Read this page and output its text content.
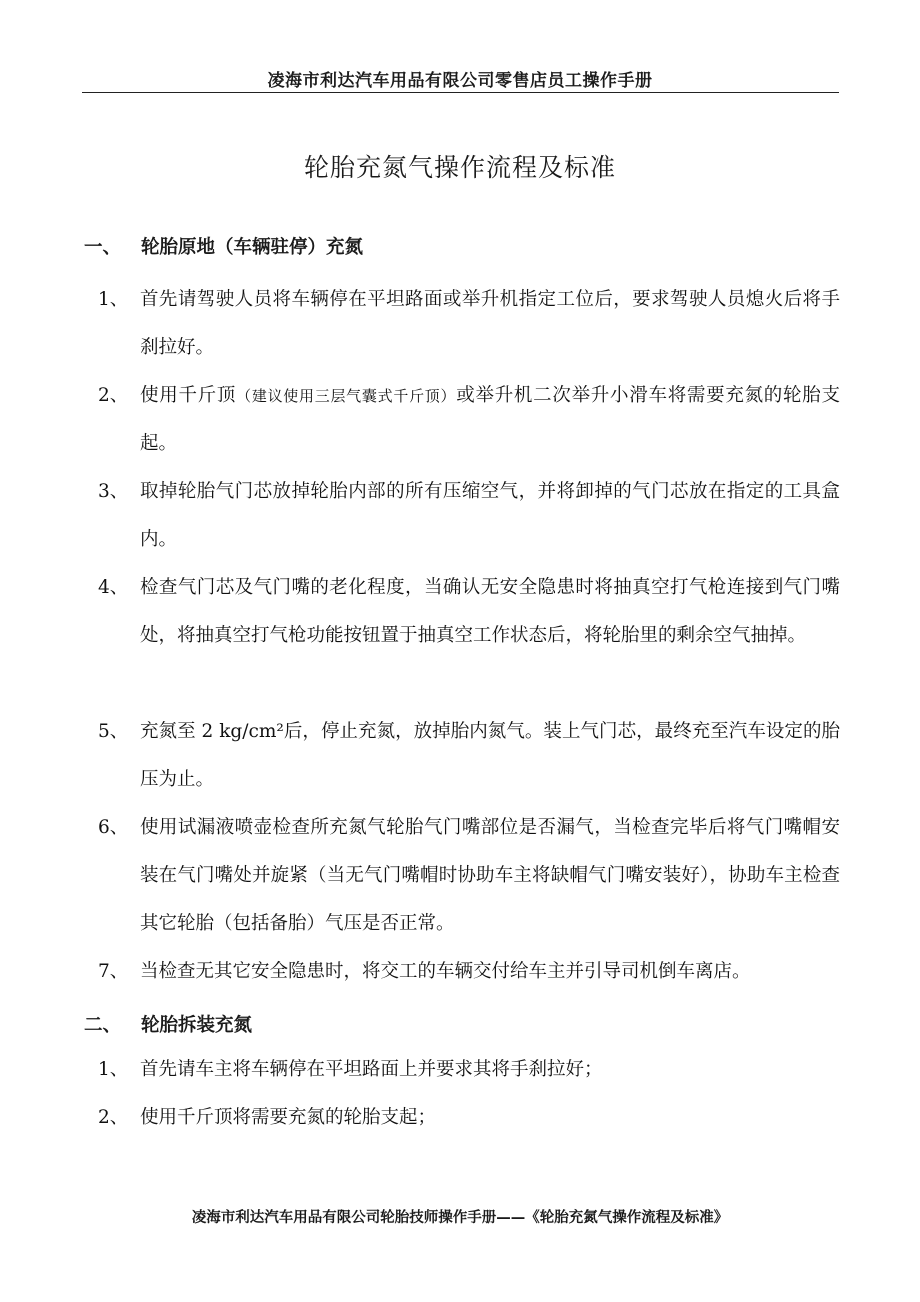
凌海市利达汽车用品有限公司零售店员工操作手册
轮胎充氮气操作流程及标准
一、 轮胎原地（车辆驻停）充氮
1、 首先请驾驶人员将车辆停在平坦路面或举升机指定工位后，要求驾驶人员熄火后将手刹拉好。
2、 使用千斤顶（建议使用三层气囊式千斤顶）或举升机二次举升小滑车将需要充氮的轮胎支起。
3、 取掉轮胎气门芯放掉轮胎内部的所有压缩空气，并将卸掉的气门芯放在指定的工具盒内。
4、 检查气门芯及气门嘴的老化程度，当确认无安全隐患时将抽真空打气枪连接到气门嘴处，将抽真空打气枪功能按钮置于抽真空工作状态后，将轮胎里的剩余空气抽掉。
5、 充氮至 2 kg/cm²后，停止充氮，放掉胎内氮气。装上气门芯，最终充至汽车设定的胎压为止。
6、 使用试漏液喷壶检查所充氮气轮胎气门嘴部位是否漏气，当检查完毕后将气门嘴帽安装在气门嘴处并旋紧（当无气门嘴帽时协助车主将缺帽气门嘴安装好），协助车主检查其它轮胎（包括备胎）气压是否正常。
7、 当检查无其它安全隐患时，将交工的车辆交付给车主并引导司机倒车离店。
二、 轮胎拆装充氮
1、 首先请车主将车辆停在平坦路面上并要求其将手刹拉好；
2、 使用千斤顶将需要充氮的轮胎支起；
凌海市利达汽车用品有限公司轮胎技师操作手册——《轮胎充氮气操作流程及标准》
